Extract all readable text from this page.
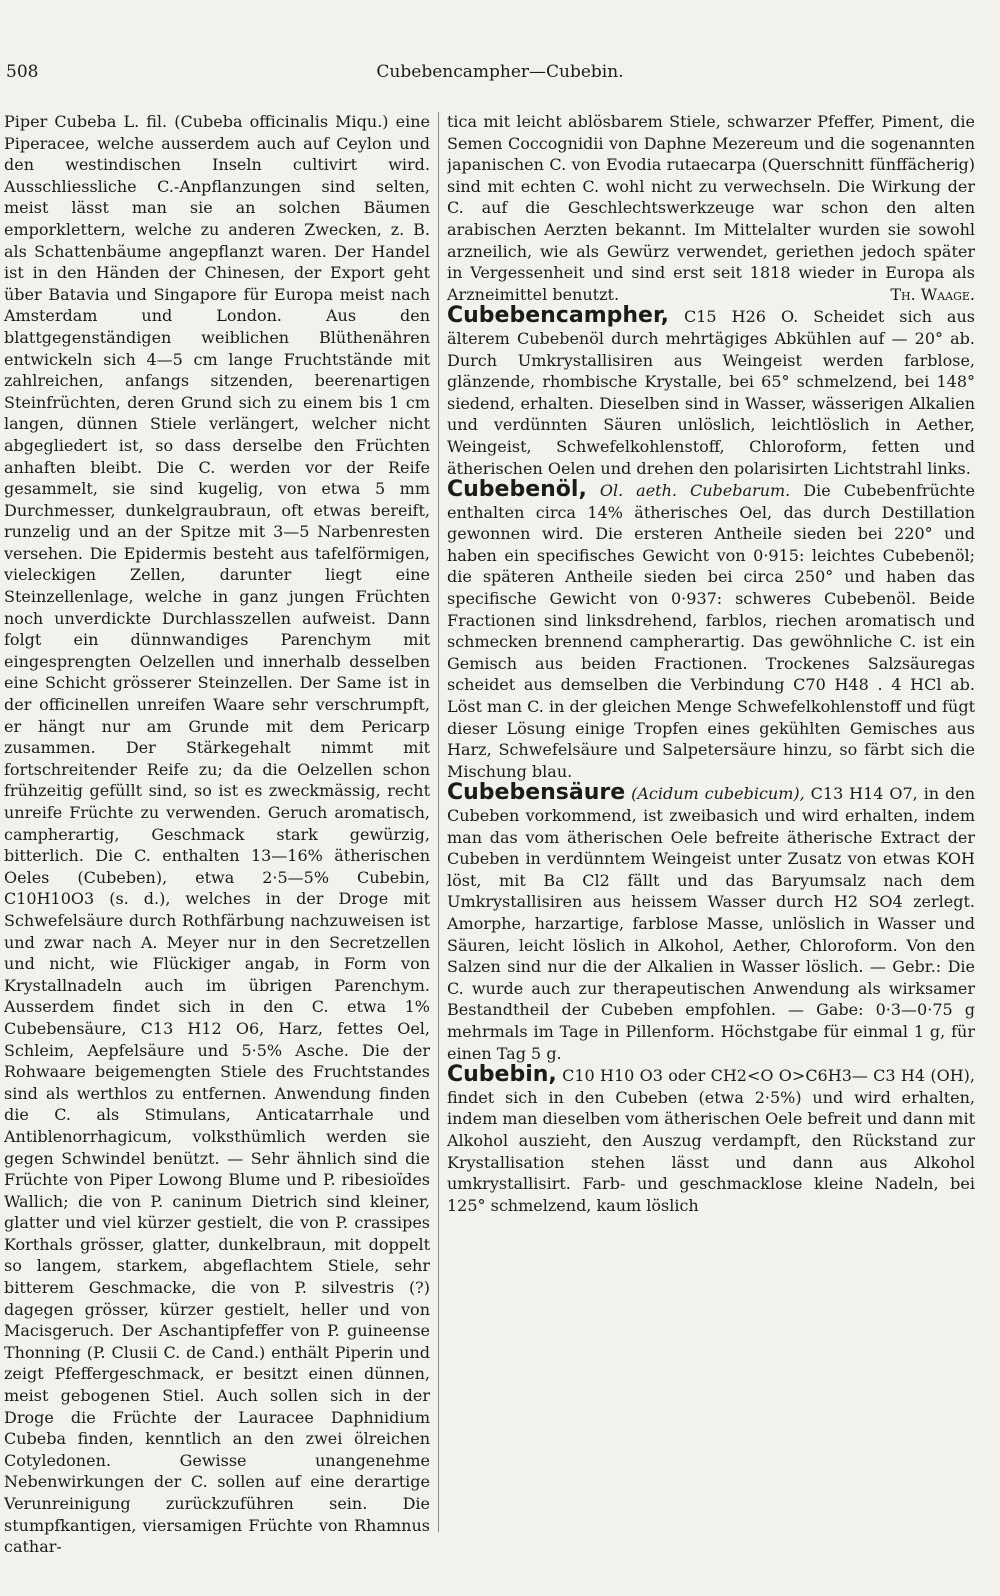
508	Cubebencampher—Cubebin.

Piper Cubeba L. fil. (Cubeba officinalis Miqu.) eine Piperacee, welche ausserdem auch auf Ceylon und den westindischen Inseln cultivirt wird. Ausschliessliche C.-Anpflanzungen sind selten, meist lässt man sie an solchen Bäumen emporklettern, welche zu anderen Zwecken, z. B. als Schattenbäume angepflanzt waren. Der Handel ist in den Händen der Chinesen, der Export geht über Batavia und Singapore für Europa meist nach Amsterdam und London. Aus den blattgegenständigen weiblichen Blüthenähren entwickeln sich 4—5 cm lange Fruchtstände mit zahlreichen, anfangs sitzenden, beerenartigen Steinfrüchten, deren Grund sich zu einem bis 1 cm langen, dünnen Stiele verlängert, welcher nicht abgegliedert ist, so dass derselbe den Früchten anhaften bleibt. Die C. werden vor der Reife gesammelt, sie sind kugelig, von etwa 5 mm Durchmesser, dunkelgraubraun, oft etwas bereift, runzelig und an der Spitze mit 3—5 Narbenresten versehen. Die Epidermis besteht aus tafelförmigen, vieleckigen Zellen, darunter liegt eine Steinzellenlage, welche in ganz jungen Früchten noch unverdickte Durchlasszellen aufweist. Dann folgt ein dünnwandiges Parenchym mit eingesprengten Oelzellen und innerhalb desselben eine Schicht grösserer Steinzellen. Der Same ist in der officinellen unreifen Waare sehr verschrumpft, er hängt nur am Grunde mit dem Pericarp zusammen. Der Stärkegehalt nimmt mit fortschreitender Reife zu; da die Oelzellen schon frühzeitig gefüllt sind, so ist es zweckmässig, recht unreife Früchte zu verwenden. Geruch aromatisch, campherartig, Geschmack stark gewürzig, bitterlich. Die C. enthalten 13—16% ätherischen Oeles (Cubeben), etwa 2·5—5% Cubebin, C10H10O3 (s. d.), welches in der Droge mit Schwefelsäure durch Rothfärbung nachzuweisen ist und zwar nach A. Meyer nur in den Secretzellen und nicht, wie Flückiger angab, in Form von Krystallnadeln auch im übrigen Parenchym. Ausserdem findet sich in den C. etwa 1% Cubebensäure, C13 H12 O6, Harz, fettes Oel, Schleim, Aepfelsäure und 5·5% Asche. Die der Rohwaare beigemengten Stiele des Fruchtstandes sind als werthlos zu entfernen. Anwendung finden die C. als Stimulans, Anticatarrhale und Antiblenorrhagicum, volksthümlich werden sie gegen Schwindel benützt. — Sehr ähnlich sind die Früchte von Piper Lowong Blume und P. ribesioïdes Wallich; die von P. caninum Dietrich sind kleiner, glatter und viel kürzer gestielt, die von P. crassipes Korthals grösser, glatter, dunkelbraun, mit doppelt so langem, starkem, abgeflachtem Stiele, sehr bitterem Geschmacke, die von P. silvestris (?) dagegen grösser, kürzer gestielt, heller und von Macisgeruch. Der Aschantipfeffer von P. guineense Thonning (P. Clusii C. de Cand.) enthält Piperin und zeigt Pfeffergeschmack, er besitzt einen dünnen, meist gebogenen Stiel. Auch sollen sich in der Droge die Früchte der Lauracee Daphnidium Cubeba finden, kenntlich an den zwei ölreichen Cotyledonen. Gewisse unangenehme Nebenwirkungen der C. sollen auf eine derartige Verunreinigung zurückzuführen sein. Die stumpfkantigen, viersamigen Früchte von Rhamnus cathar-

tica mit leicht ablösbarem Stiele, schwarzer Pfeffer, Piment, die Semen Coccognidii von Daphne Mezereum und die sogenannten japanischen C. von Evodia rutaecarpa (Querschnitt fünffächerig) sind mit echten C. wohl nicht zu verwechseln. Die Wirkung der C. auf die Geschlechtswerkzeuge war schon den alten arabischen Aerzten bekannt. Im Mittelalter wurden sie sowohl arzneilich, wie als Gewürz verwendet, geriethen jedoch später in Vergessenheit und sind erst seit 1818 wieder in Europa als Arzneimittel benutzt.	Th. Waage.

Cubebencampher, C15 H26 O. Scheidet sich aus älterem Cubebenöl durch mehrtägiges Abkühlen auf — 20° ab. Durch Umkrystallisiren aus Weingeist werden farblose, glänzende, rhombische Krystalle, bei 65° schmelzend, bei 148° siedend, erhalten. Dieselben sind in Wasser, wässerigen Alkalien und verdünnten Säuren unlöslich, leichtlöslich in Aether, Weingeist, Schwefelkohlenstoff, Chloroform, fetten und ätherischen Oelen und drehen den polarisirten Lichtstrahl links.

Cubebenöl, Ol. aeth. Cubebarum. Die Cubebenfrüchte enthalten circa 14% ätherisches Oel, das durch Destillation gewonnen wird. Die ersteren Antheile sieden bei 220° und haben ein specifisches Gewicht von 0·915: leichtes Cubebenöl; die späteren Antheile sieden bei circa 250° und haben das specifische Gewicht von 0·937: schweres Cubebenöl. Beide Fractionen sind linksdrehend, farblos, riechen aromatisch und schmecken brennend campherartig. Das gewöhnliche C. ist ein Gemisch aus beiden Fractionen. Trockenes Salzsäuregas scheidet aus demselben die Verbindung C70 H48 . 4 HCl ab. Löst man C. in der gleichen Menge Schwefelkohlenstoff und fügt dieser Lösung einige Tropfen eines gekühlten Gemisches aus Harz, Schwefelsäure und Salpetersäure hinzu, so färbt sich die Mischung blau.

Cubebensäure (Acidum cubebicum), C13 H14 O7, in den Cubeben vorkommend, ist zweibasich und wird erhalten, indem man das vom ätherischen Oele befreite ätherische Extract der Cubeben in verdünntem Weingeist unter Zusatz von etwas KOH löst, mit Ba Cl2 fällt und das Baryumsalz nach dem Umkrystallisiren aus heissem Wasser durch H2 SO4 zerlegt. Amorphe, harzartige, farblose Masse, unlöslich in Wasser und Säuren, leicht löslich in Alkohol, Aether, Chloroform. Von den Salzen sind nur die der Alkalien in Wasser löslich. — Gebr.: Die C. wurde auch zur therapeutischen Anwendung als wirksamer Bestandtheil der Cubeben empfohlen. — Gabe: 0·3—0·75 g mehrmals im Tage in Pillenform. Höchstgabe für einmal 1 g, für einen Tag 5 g.

Cubebin, C10 H10 O3 oder CH2<O O>C6H3— C3 H4 (OH), findet sich in den Cubeben (etwa 2·5%) und wird erhalten, indem man dieselben vom ätherischen Oele befreit und dann mit Alkohol auszieht, den Auszug verdampft, den Rückstand zur Krystallisation stehen lässt und dann aus Alkohol umkrystallisirt. Farb- und geschmacklose kleine Nadeln, bei 125° schmelzend, kaum löslich
